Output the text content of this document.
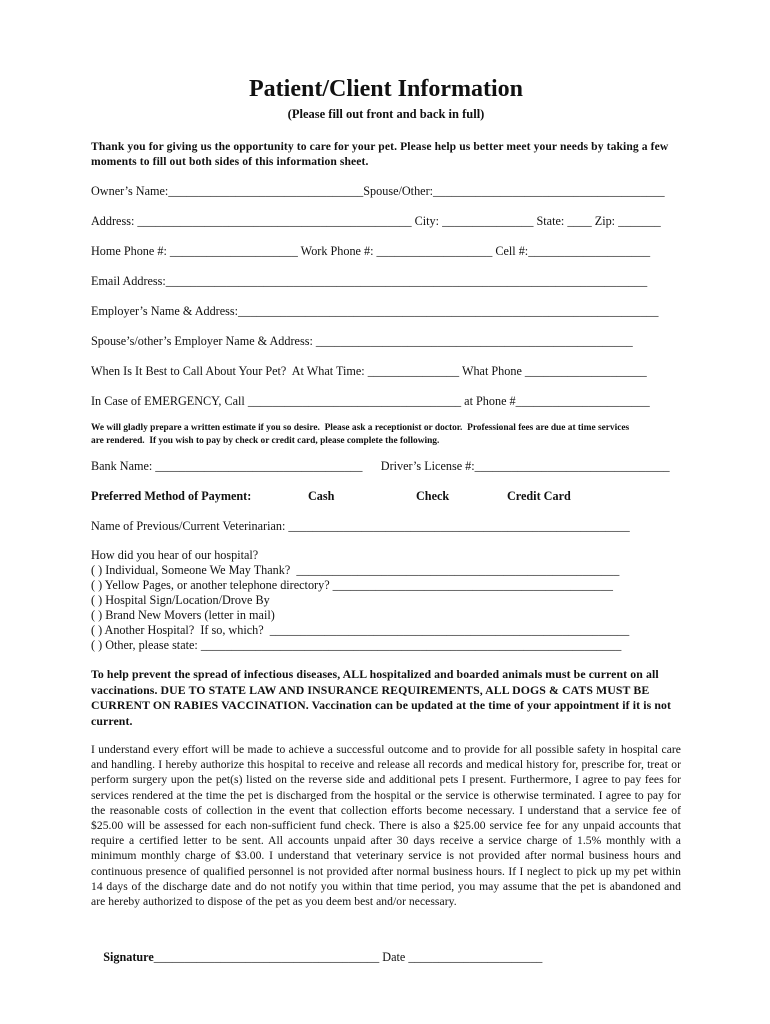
Patient/Client Information
(Please fill out front and back in full)
Thank you for giving us the opportunity to care for your pet. Please help us better meet your needs by taking a few moments to fill out both sides of this information sheet.
Owner’s Name:________________________________Spouse/Other:______________________________________
Address: _____________________________________________ City: _______________ State: ____ Zip: _______
Home Phone #: _____________________ Work Phone #: ___________________ Cell #:____________________
Email Address:_______________________________________________________________________________
Employer’s Name & Address:_____________________________________________________________________
Spouse’s/other’s Employer Name & Address: ____________________________________________________
When Is It Best to Call About Your Pet?  At What Time: _______________ What Phone ____________________
In Case of EMERGENCY, Call ___________________________________ at Phone #______________________
We will gladly prepare a written estimate if you so desire.  Please ask a receptionist or doctor.  Professional fees are due at time services
are rendered.  If you wish to pay by check or credit card, please complete the following.
Bank Name: __________________________________      Driver’s License #:________________________________
Preferred Method of Payment:	Cash	Check	Credit Card
Name of Previous/Current Veterinarian: ________________________________________________________
How did you hear of our hospital?
( ) Individual, Someone We May Thank?  _____________________________________________________
( ) Yellow Pages, or another telephone directory? ______________________________________________
( ) Hospital Sign/Location/Drove By
( ) Brand New Movers (letter in mail)
( ) Another Hospital?  If so, which?  ___________________________________________________________
( ) Other, please state: _____________________________________________________________________
To help prevent the spread of infectious diseases, ALL hospitalized and boarded animals must be current on all vaccinations. DUE TO STATE LAW AND INSURANCE REQUIREMENTS, ALL DOGS & CATS MUST BE CURRENT ON RABIES VACCINATION. Vaccination can be updated at the time of your appointment if it is not current.
I understand every effort will be made to achieve a successful outcome and to provide for all possible safety in hospital care and handling. I hereby authorize this hospital to receive and release all records and medical history for, prescribe for, treat or perform surgery upon the pet(s) listed on the reverse side and additional pets I present. Furthermore, I agree to pay fees for services rendered at the time the pet is discharged from the hospital or the service is otherwise terminated. I agree to pay for the reasonable costs of collection in the event that collection efforts become necessary. I understand that a service fee of $25.00 will be assessed for each non-sufficient fund check. There is also a $25.00 service fee for any unpaid accounts that require a certified letter to be sent. All accounts unpaid after 30 days receive a service charge of 1.5% monthly with a minimum monthly charge of $3.00. I understand that veterinary service is not provided after normal business hours and continuous presence of qualified personnel is not provided after normal business hours. If I neglect to pick up my pet within 14 days of the discharge date and do not notify you within that time period, you may assume that the pet is abandoned and are hereby authorized to dispose of the pet as you deem best and/or necessary.

Signature_____________________________________ Date ______________________
